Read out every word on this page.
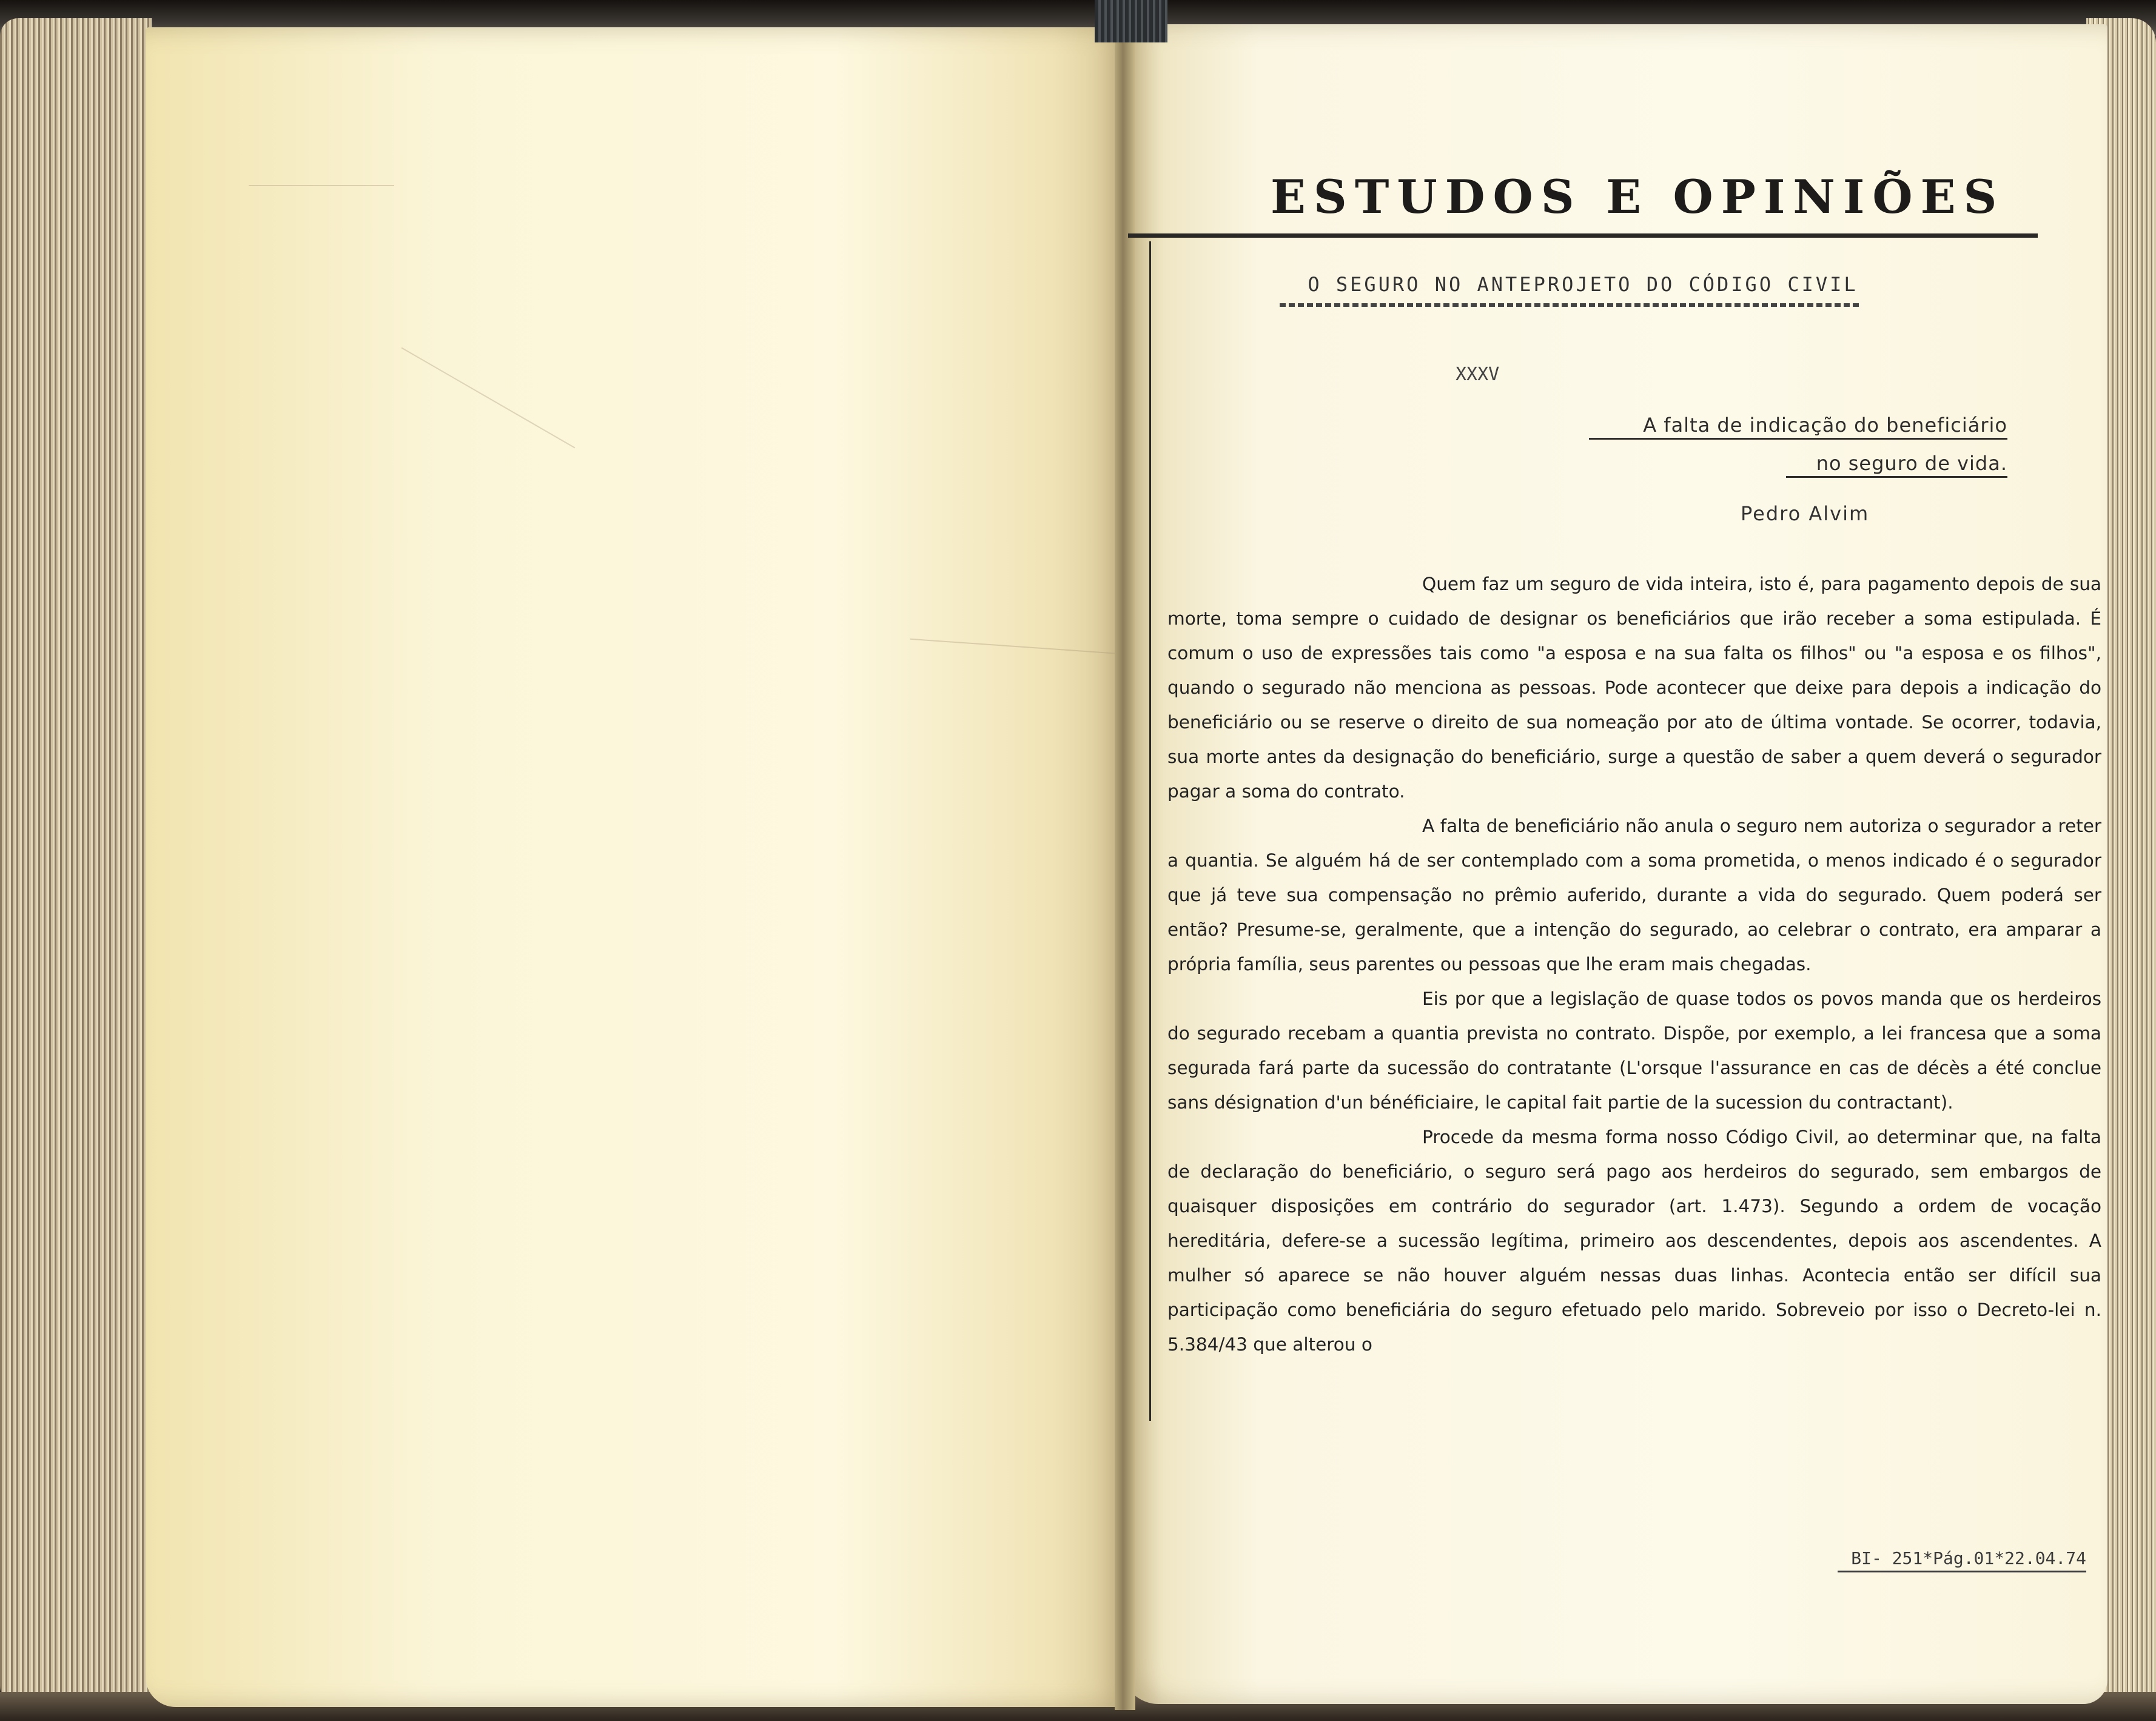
ESTUDOS E OPINIÕES
O SEGURO NO ANTEPROJETO DO CÓDIGO CIVIL
XXXV
A falta de indicação do beneficiário
no seguro de vida.
Pedro Alvim

Quem faz um seguro de vida inteira, isto é, para pagamento depois de sua morte, toma sempre o cuidado de designar os beneficiários que irão receber a soma estipulada. É comum o uso de expressões tais como "a esposa e na sua falta os filhos" ou "a esposa e os filhos", quando o segurado não menciona as pessoas. Pode acontecer que deixe para depois a indicação do beneficiário ou se reserve o direito de sua nomeação por ato de última vontade. Se ocorrer, todavia, sua morte antes da designação do beneficiário, surge a questão de saber a quem deverá o segurador pagar a soma do contrato.

A falta de beneficiário não anula o seguro nem autoriza o segurador a reter a quantia. Se alguém há de ser contemplado com a soma prometida, o menos indicado é o segurador que já teve sua compensação no prêmio auferido, durante a vida do segurado. Quem poderá ser então? Presume-se, geralmente, que a intenção do segurado, ao celebrar o contrato, era amparar a própria família, seus parentes ou pessoas que lhe eram mais chegadas.

Eis por que a legislação de quase todos os povos manda que os herdeiros do segurado recebam a quantia prevista no contrato. Dispõe, por exemplo, a lei francesa que a soma segurada fará parte da sucessão do contratante (L'orsque l'assurance en cas de décès a été conclue sans désignation d'un bénéficiaire, le capital fait partie de la sucession du contractant).

Procede da mesma forma nosso Código Civil, ao determinar que, na falta de declaração do beneficiário, o seguro será pago aos herdeiros do segurado, sem embargos de quaisquer disposições em contrário do segurador (art. 1.473). Segundo a ordem de vocação hereditária, defere-se a sucessão legítima, primeiro aos descendentes, depois aos ascendentes. A mulher só aparece se não houver alguém nessas duas linhas. Acontecia então ser difícil sua participação como beneficiária do seguro efetuado pelo marido. Sobreveio por isso o Decreto-lei n. 5.384/43 que alterou o

BI- 251*Pág.01*22.04.74
